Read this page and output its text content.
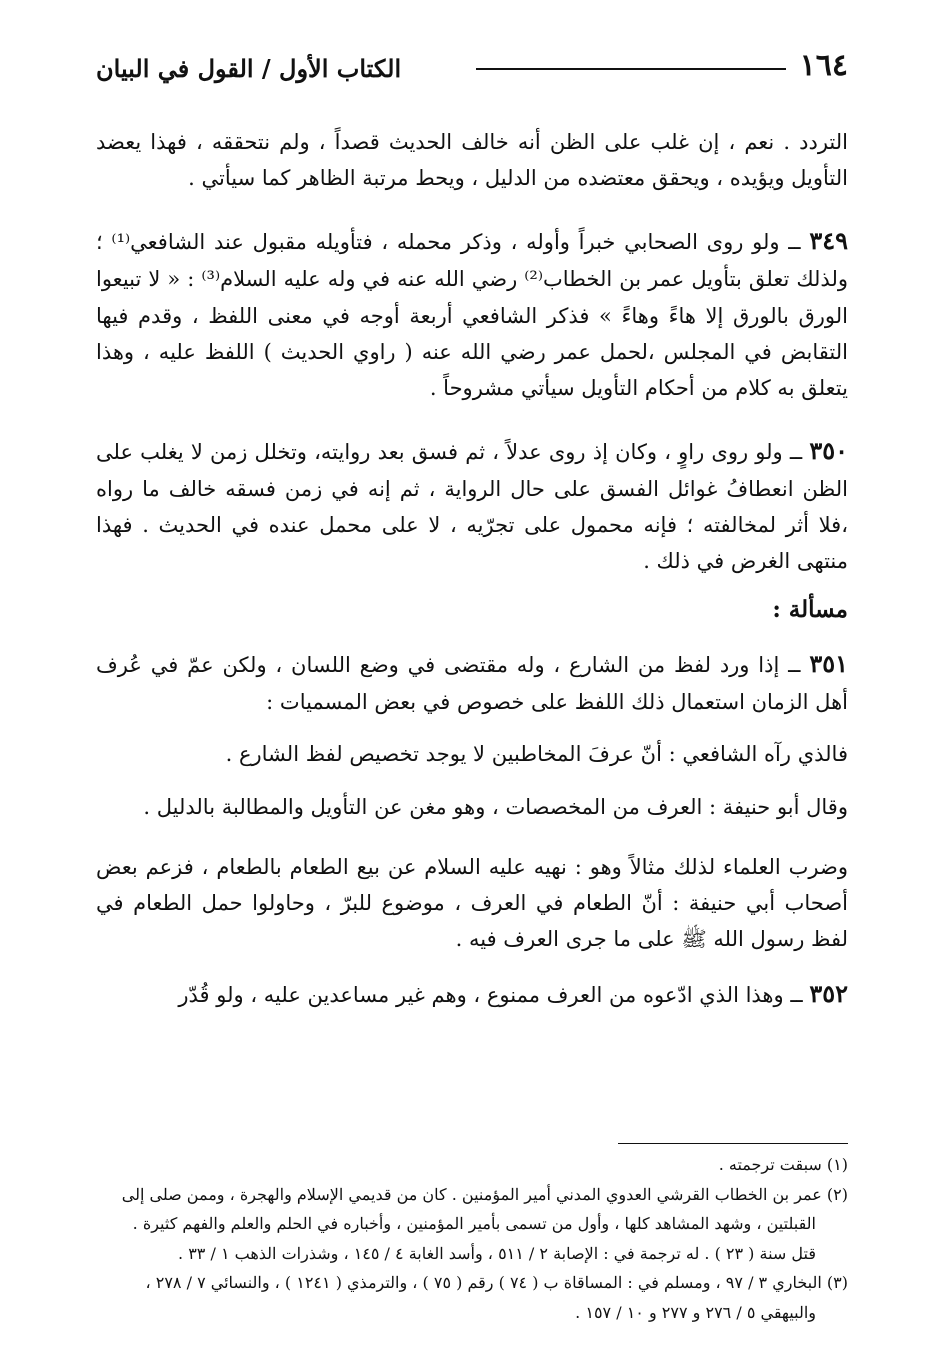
١٦٤
الكتاب الأول / القول في البيان

التردد . نعم ، إن غلب على الظن أنه خالف الحديث قصداً ، ولم نتحققه ، فهذا يعضد التأويل ويؤيده ، ويحقق معتضده من الدليل ، ويحط مرتبة الظاهر كما سيأتي .

٣٤٩ ــ ولو روى الصحابي خبراً وأوله ، وذكر محمله ، فتأويله مقبول عند الشافعي⁽¹⁾ ؛ ولذلك تعلق بتأويل عمر بن الخطاب⁽²⁾ رضي الله عنه في وله عليه السلام⁽³⁾ : « لا تبيعوا الورق بالورق إلا هاءً وهاءً » فذكر الشافعي أربعة أوجه في معنى اللفظ ، وقدم فيها التقابض في المجلس ،لحمل عمر رضي الله عنه ( راوي الحديث ) اللفظ عليه ، وهذا يتعلق به كلام من أحكام التأويل سيأتي مشروحاً .

٣٥٠ ــ ولو روى راوٍ ، وكان إذ روى عدلاً ، ثم فسق بعد روايته، وتخلل زمن لا يغلب على الظن انعطافُ غوائل الفسق على حال الرواية ، ثم إنه في زمن فسقه خالف ما رواه ،فلا أثر لمخالفته ؛ فإنه محمول على تجرّيه ، لا على محمل عنده في الحديث . فهذا منتهى الغرض في ذلك .

مسألة :

٣٥١ ــ إذا ورد لفظ من الشارع ، وله مقتضى في وضع اللسان ، ولكن عمّ في عُرف أهل الزمان استعمال ذلك اللفظ على خصوص في بعض المسميات :

فالذي رآه الشافعي : أنّ عرفَ المخاطبين لا يوجد تخصيص لفظ الشارع .

وقال أبو حنيفة : العرف من المخصصات ، وهو مغن عن التأويل والمطالبة بالدليل .

وضرب العلماء لذلك مثالاً وهو : نهيه عليه السلام عن بيع الطعام بالطعام ، فزعم بعض أصحاب أبي حنيفة : أنّ الطعام في العرف ، موضوع للبرّ ، وحاولوا حمل الطعام في لفظ رسول الله ﷺ على ما جرى العرف فيه .

٣٥٢ ــ وهذا الذي ادّعوه من العرف ممنوع ، وهم غير مساعدين عليه ، ولو قُدّر

(١) سبقت ترجمته .

(٢) عمر بن الخطاب القرشي العدوي المدني أمير المؤمنين . كان من قديمي الإسلام والهجرة ، وممن صلى إلى

القبلتين ، وشهد المشاهد كلها ، وأول من تسمى بأمير المؤمنين ، وأخباره في الحلم والعلم والفهم كثيرة .

قتل سنة ( ٢٣ ) . له ترجمة في : الإصابة ٢ / ٥١١ ، وأسد الغابة ٤ / ١٤٥ ، وشذرات الذهب ١ / ٣٣ .

(٣) البخاري ٣ / ٩٧ ، ومسلم في : المساقاة ب ( ٧٤ ) رقم ( ٧٥ ) ، والترمذي ( ١٢٤١ ) ، والنسائي ٧ / ٢٧٨ ،

والبيهقي ٥ / ٢٧٦ و ٢٧٧ و ١٠ / ١٥٧ .
